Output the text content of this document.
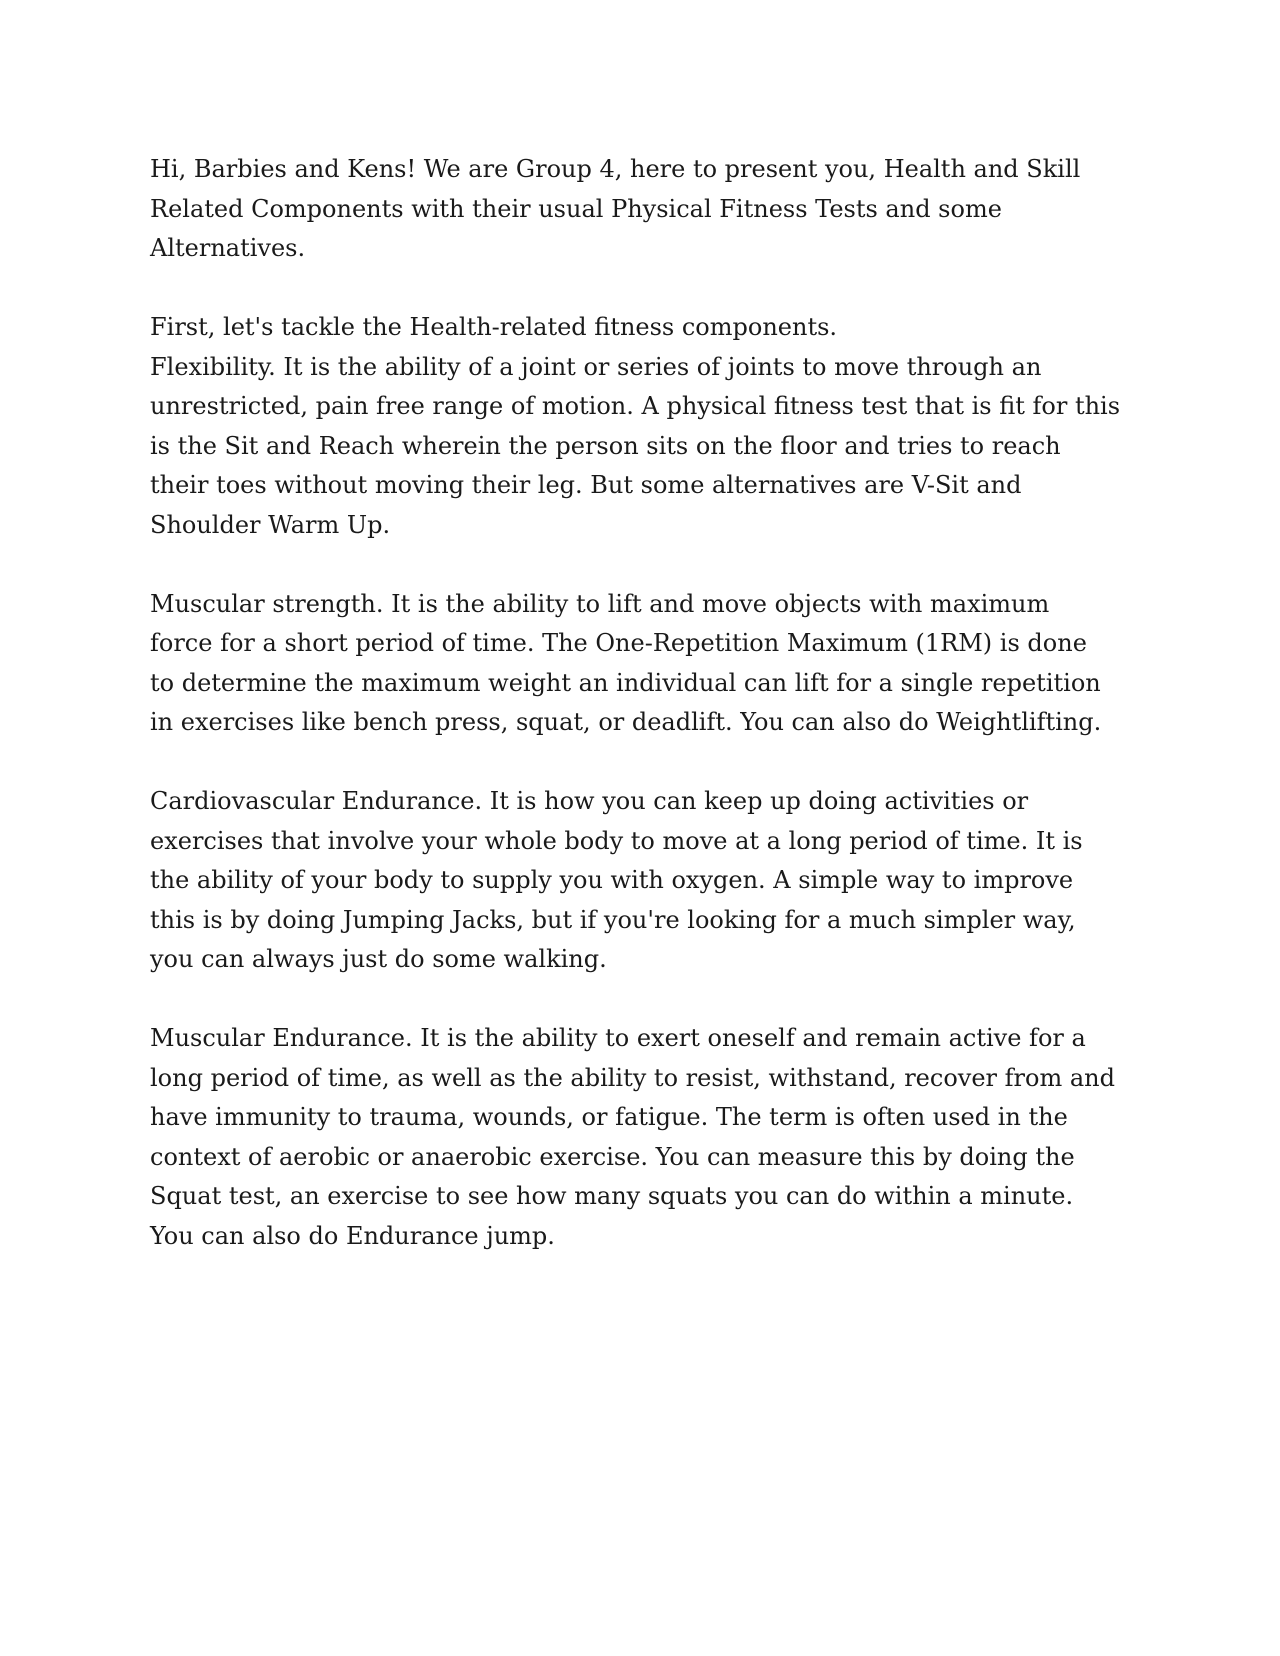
Hi, Barbies and Kens! We are Group 4, here to present you, Health and Skill
Related Components with their usual Physical Fitness Tests and some
Alternatives.

First, let's tackle the Health-related fitness components.

Flexibility. It is the ability of a joint or series of joints to move through an
unrestricted, pain free range of motion. A physical fitness test that is fit for this
is the Sit and Reach wherein the person sits on the floor and tries to reach
their toes without moving their leg. But some alternatives are V-Sit and
Shoulder Warm Up.

Muscular strength. It is the ability to lift and move objects with maximum
force for a short period of time. The One-Repetition Maximum (1RM) is done
to determine the maximum weight an individual can lift for a single repetition
in exercises like bench press, squat, or deadlift. You can also do Weightlifting.

Cardiovascular Endurance. It is how you can keep up doing activities or
exercises that involve your whole body to move at a long period of time. It is
the ability of your body to supply you with oxygen. A simple way to improve
this is by doing Jumping Jacks, but if you're looking for a much simpler way,
you can always just do some walking.

Muscular Endurance. It is the ability to exert oneself and remain active for a
long period of time, as well as the ability to resist, withstand, recover from and
have immunity to trauma, wounds, or fatigue. The term is often used in the
context of aerobic or anaerobic exercise. You can measure this by doing the
Squat test, an exercise to see how many squats you can do within a minute.
You can also do Endurance jump.
